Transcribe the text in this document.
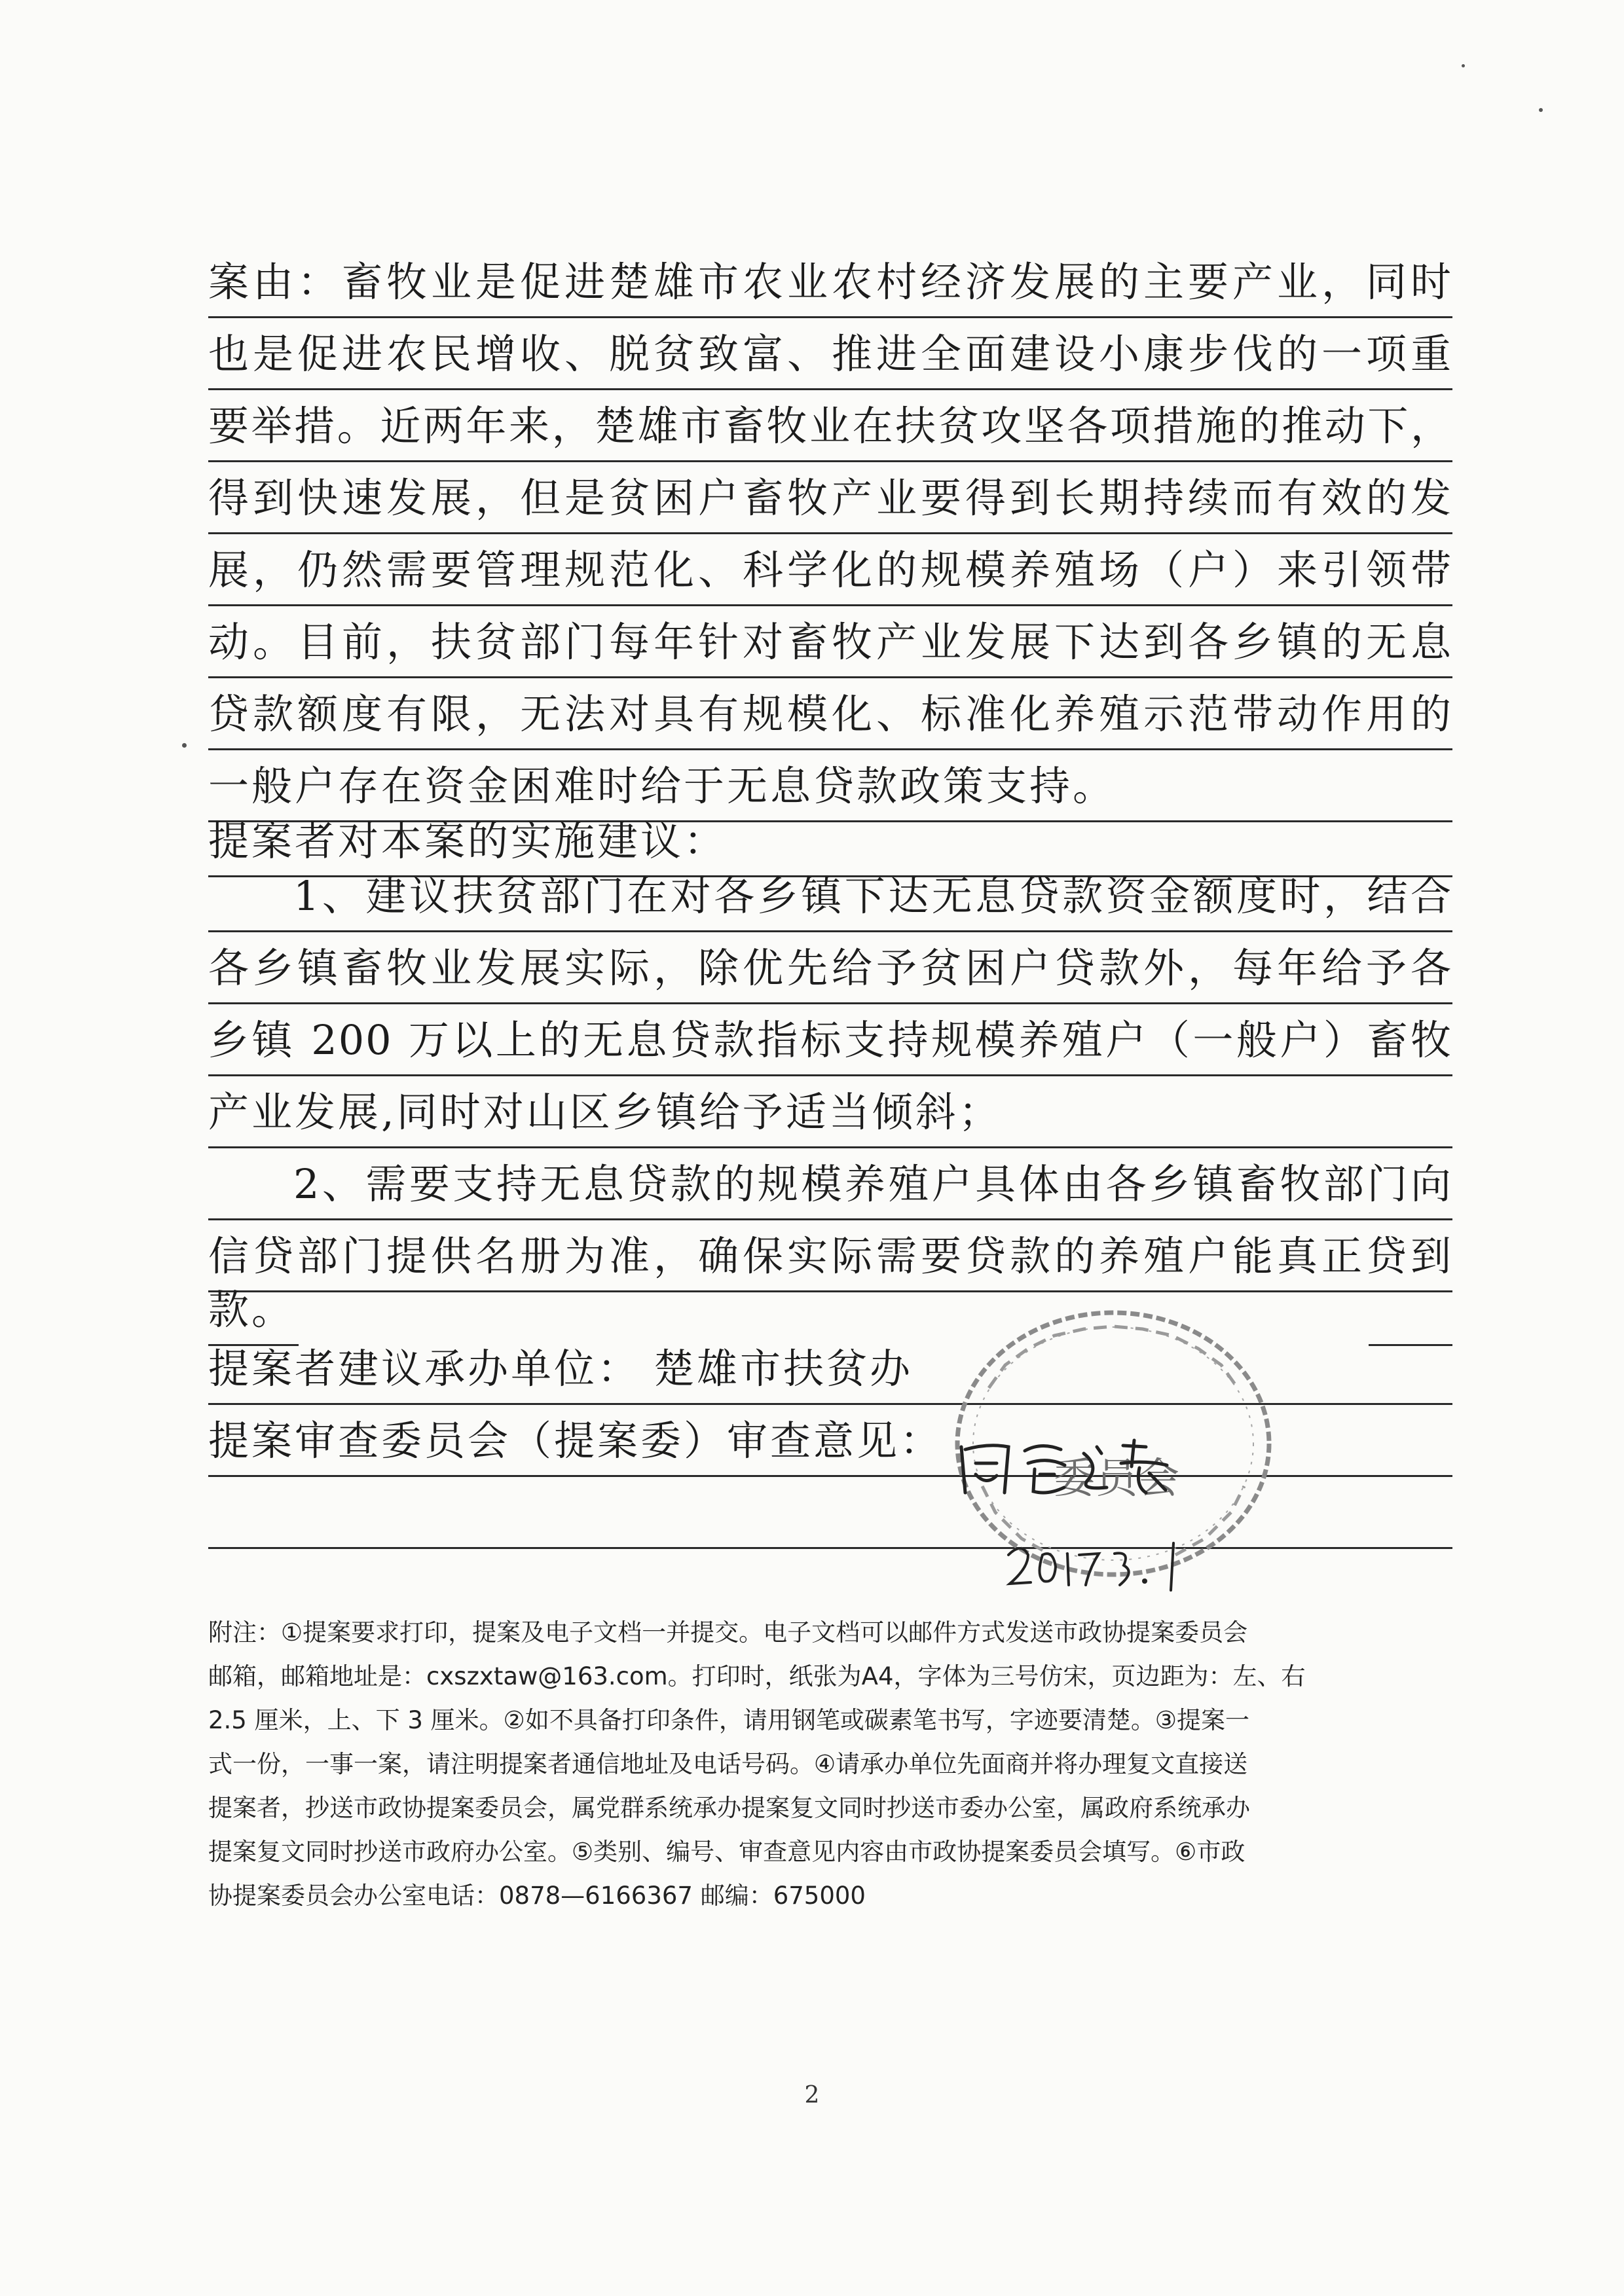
案由：畜牧业是促进楚雄市农业农村经济发展的主要产业，同时
也是促进农民增收、脱贫致富、推进全面建设小康步伐的一项重
要举措。近两年来，楚雄市畜牧业在扶贫攻坚各项措施的推动下，
得到快速发展，但是贫困户畜牧产业要得到长期持续而有效的发
展，仍然需要管理规范化、科学化的规模养殖场（户）来引领带
动。目前，扶贫部门每年针对畜牧产业发展下达到各乡镇的无息
贷款额度有限，无法对具有规模化、标准化养殖示范带动作用的
一般户存在资金困难时给于无息贷款政策支持。
提案者对本案的实施建议：
1、建议扶贫部门在对各乡镇下达无息贷款资金额度时，结合
各乡镇畜牧业发展实际，除优先给予贫困户贷款外，每年给予各
乡镇 200 万以上的无息贷款指标支持规模养殖户（一般户）畜牧
产业发展,同时对山区乡镇给予适当倾斜；
2、需要支持无息贷款的规模养殖户具体由各乡镇畜牧部门向
信贷部门提供名册为准，确保实际需要贷款的养殖户能真正贷到
款。
提案者建议承办单位： 楚雄市扶贫办
提案审查委员会（提案委）审查意见：
委员会
附注：①提案要求打印，提案及电子文档一并提交。电子文档可以邮件方式发送市政协提案委员会
邮箱，邮箱地址是：cxszxtaw@163.com。打印时，纸张为A4，字体为三号仿宋，页边距为：左、右
2.5 厘米，上、下 3 厘米。②如不具备打印条件，请用钢笔或碳素笔书写，字迹要清楚。③提案一
式一份，一事一案，请注明提案者通信地址及电话号码。④请承办单位先面商并将办理复文直接送
提案者，抄送市政协提案委员会，属党群系统承办提案复文同时抄送市委办公室，属政府系统承办
提案复文同时抄送市政府办公室。⑤类别、编号、审查意见内容由市政协提案委员会填写。⑥市政
协提案委员会办公室电话：0878—6166367 邮编：675000
2
